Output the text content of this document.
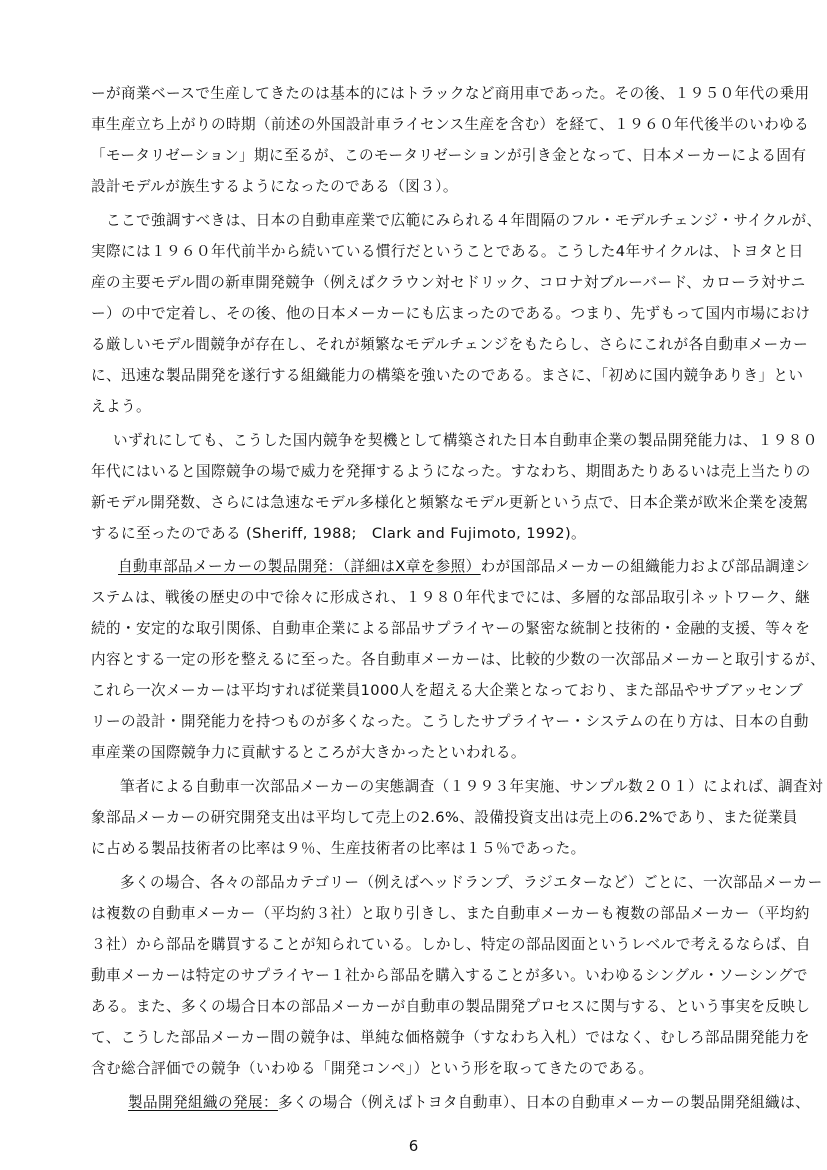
ーが商業ベースで生産してきたのは基本的にはトラックなど商用車であった。その後、１９５０年代の乗用
車生産立ち上がりの時期（前述の外国設計車ライセンス生産を含む）を経て、１９６０年代後半のいわゆる
「モータリゼーション」期に至るが、このモータリゼーションが引き金となって、日本メーカーによる固有
設計モデルが族生するようになったのである（図３）。
ここで強調すべきは、日本の自動車産業で広範にみられる４年間隔のフル・モデルチェンジ・サイクルが、
実際には１９６０年代前半から続いている慣行だということである。こうした4年サイクルは、トヨタと日
産の主要モデル間の新車開発競争（例えばクラウン対セドリック、コロナ対ブルーバード、カローラ対サニ
ー）の中で定着し、その後、他の日本メーカーにも広まったのである。つまり、先ずもって国内市場におけ
る厳しいモデル間競争が存在し、それが頻繁なモデルチェンジをもたらし、さらにこれが各自動車メーカー
に、迅速な製品開発を遂行する組織能力の構築を強いたのである。まさに、「初めに国内競争ありき」とい
えよう。
いずれにしても、こうした国内競争を契機として構築された日本自動車企業の製品開発能力は、１９８０
年代にはいると国際競争の場で威力を発揮するようになった。すなわち、期間あたりあるいは売上当たりの
新モデル開発数、さらには急速なモデル多様化と頻繁なモデル更新という点で、日本企業が欧米企業を凌駕
するに至ったのである (Sheriff, 1988;　Clark and Fujimoto, 1992)。
自動車部品メーカーの製品開発：（詳細はX章を参照）わが国部品メーカーの組織能力および部品調達シ
ステムは、戦後の歴史の中で徐々に形成され、１９８０年代までには、多層的な部品取引ネットワーク、継
続的・安定的な取引関係、自動車企業による部品サプライヤーの緊密な統制と技術的・金融的支援、等々を
内容とする一定の形を整えるに至った。各自動車メーカーは、比較的少数の一次部品メーカーと取引するが、
これら一次メーカーは平均すれば従業員1000人を超える大企業となっており、また部品やサブアッセンブ
リーの設計・開発能力を持つものが多くなった。こうしたサプライヤー・システムの在り方は、日本の自動
車産業の国際競争力に貢献するところが大きかったといわれる。
筆者による自動車一次部品メーカーの実態調査（１９９３年実施、サンプル数２０１）によれば、調査対
象部品メーカーの研究開発支出は平均して売上の2.6%、設備投資支出は売上の6.2%であり、また従業員
に占める製品技術者の比率は９％、生産技術者の比率は１５％であった。
多くの場合、各々の部品カテゴリー（例えばヘッドランプ、ラジエターなど）ごとに、一次部品メーカー
は複数の自動車メーカー（平均約３社）と取り引きし、また自動車メーカーも複数の部品メーカー（平均約
３社）から部品を購買することが知られている。しかし、特定の部品図面というレベルで考えるならば、自
動車メーカーは特定のサプライヤー１社から部品を購入することが多い。いわゆるシングル・ソーシングで
ある。また、多くの場合日本の部品メーカーが自動車の製品開発プロセスに関与する、という事実を反映し
て、こうした部品メーカー間の競争は、単純な価格競争（すなわち入札）ではなく、むしろ部品開発能力を
含む総合評価での競争（いわゆる「開発コンペ」）という形を取ってきたのである。
製品開発組織の発展：多くの場合（例えばトヨタ自動車）、日本の自動車メーカーの製品開発組織は、
6
